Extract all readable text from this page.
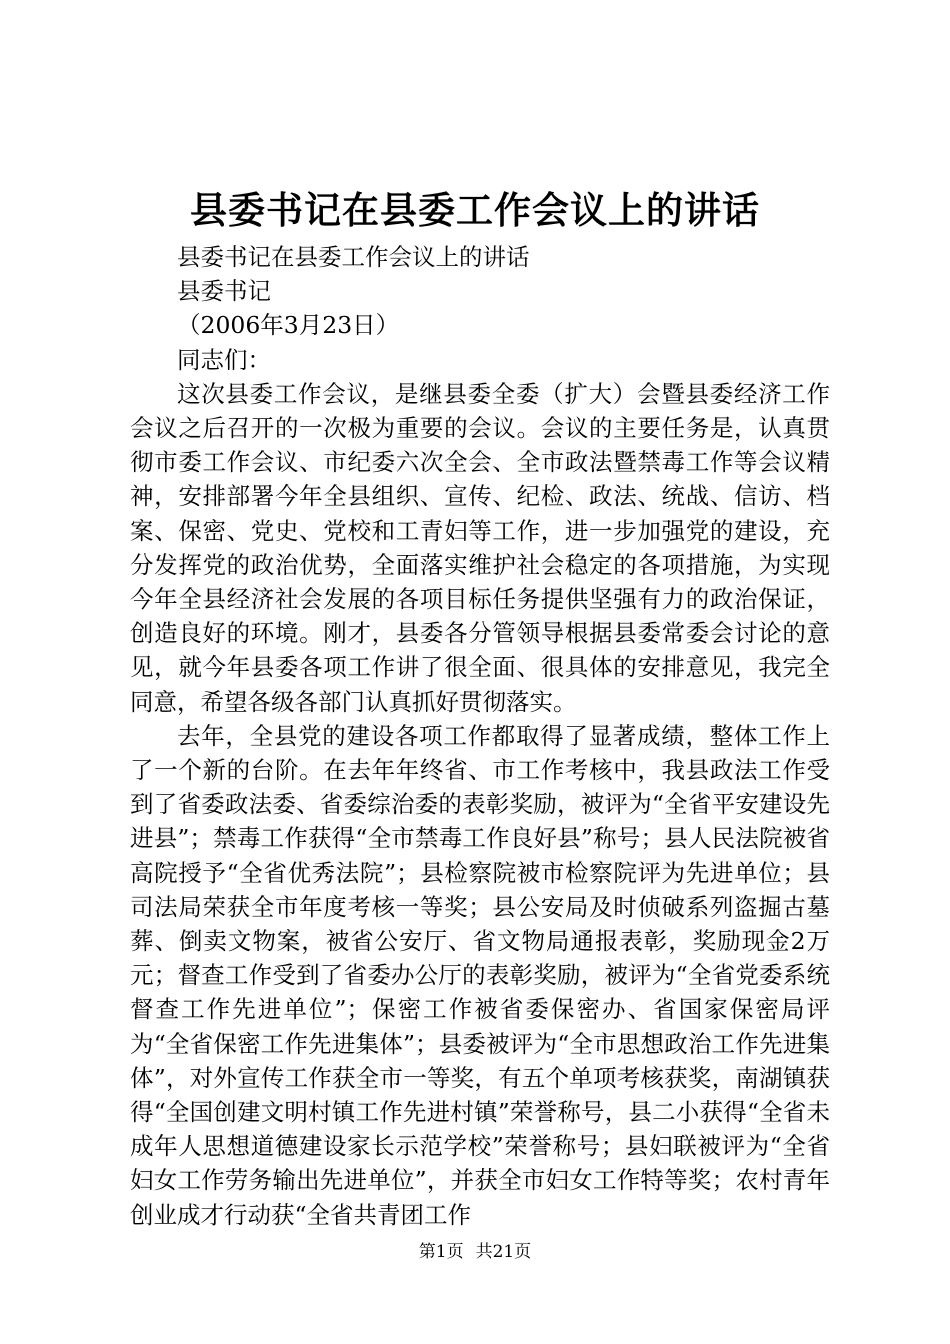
县委书记在县委工作会议上的讲话

县委书记在县委工作会议上的讲话

县委书记

（2006年3月23日）

同志们：

这次县委工作会议，是继县委全委（扩大）会暨县委经济工作会议之后召开的一次极为重要的会议。会议的主要任务是，认真贯彻市委工作会议、市纪委六次全会、全市政法暨禁毒工作等会议精神，安排部署今年全县组织、宣传、纪检、政法、统战、信访、档案、保密、党史、党校和工青妇等工作，进一步加强党的建设，充分发挥党的政治优势，全面落实维护社会稳定的各项措施，为实现今年全县经济社会发展的各项目标任务提供坚强有力的政治保证，创造良好的环境。刚才，县委各分管领导根据县委常委会讨论的意见，就今年县委各项工作讲了很全面、很具体的安排意见，我完全同意，希望各级各部门认真抓好贯彻落实。

去年，全县党的建设各项工作都取得了显著成绩，整体工作上了一个新的台阶。在去年年终省、市工作考核中，我县政法工作受到了省委政法委、省委综治委的表彰奖励，被评为“全省平安建设先进县”；禁毒工作获得“全市禁毒工作良好县”称号；县人民法院被省高院授予“全省优秀法院”；县检察院被市检察院评为先进单位；县司法局荣获全市年度考核一等奖；县公安局及时侦破系列盗掘古墓葬、倒卖文物案，被省公安厅、省文物局通报表彰，奖励现金2万元；督查工作受到了省委办公厅的表彰奖励，被评为“全省党委系统督查工作先进单位”；保密工作被省委保密办、省国家保密局评为“全省保密工作先进集体”；县委被评为“全市思想政治工作先进集体”，对外宣传工作获全市一等奖，有五个单项考核获奖，南湖镇获得“全国创建文明村镇工作先进村镇”荣誉称号，县二小获得“全省未成年人思想道德建设家长示范学校”荣誉称号；县妇联被评为“全省妇女工作劳务输出先进单位”，并获全市妇女工作特等奖；农村青年创业成才行动获“全省共青团工作

第1页 共21页
